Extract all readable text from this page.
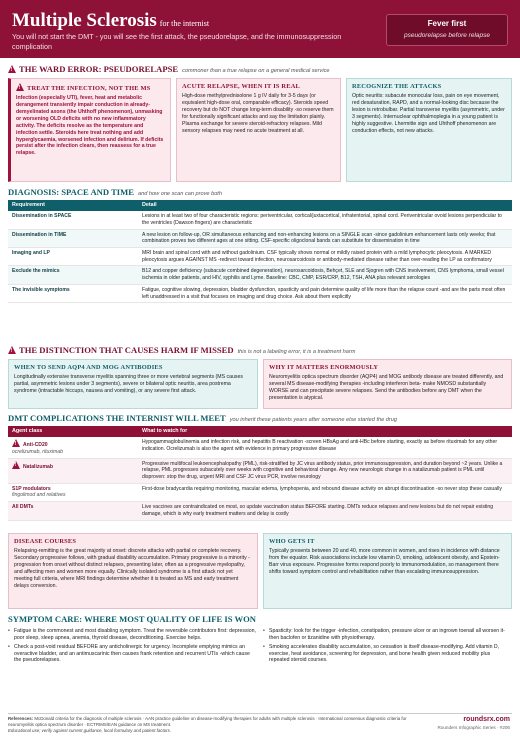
Multiple Sclerosis for the internist
You will not start the DMT - you will see the first attack, the pseudorelapse, and the immunosuppression complication
Fever first
pseudorelapse before relapse
!THE WARD ERROR: PSEUDORELAPSE commoner than a true relapse on a general medical service
!TREAT THE INFECTION, NOT THE MS
Infection (especially UTI), fever, heat and metabolic derangement transiently impair conduction in already-demyelinated axons (the Uhthoff phenomenon), unmasking or worsening OLD deficits with no new inflammatory activity. The deficits resolve as the temperature and infection settle. Steroids here treat nothing and add hyperglycaemia, worsened infection and delirium. If deficits persist after the infection clears, then reassess for a true relapse.
ACUTE RELAPSE, WHEN IT IS REAL
High-dose methylprednisolone 1 g IV daily for 3-5 days (or equivalent high-dose oral, comparable efficacy). Steroids speed recovery but do NOT change long-term disability -so reserve them for functionally significant attacks and say the limitation plainly. Plasma exchange for severe steroid-refractory relapses. Mild sensory relapses may need no acute treatment at all.
RECOGNIZE THE ATTACKS
Optic neuritis: subacute monocular loss, pain on eye movement, red desaturation, RAPD, and a normal-looking disc because the lesion is retrobulbar. Partial transverse myelitis (asymmetric, under 3 segments). Internuclear ophthalmoplegia in a young patient is highly suggestive. Lhermitte sign and Uhthoff phenomenon are conduction effects, not new attacks.
DIAGNOSIS: SPACE AND TIME and how one scan can prove both
Requirement	Detail
Dissemination in SPACE	Lesions in at least two of four characteristic regions: periventricular, cortical/juxtacortical, infratentorial, spinal cord. Periventricular ovoid lesions perpendicular to the ventricles (Dawson fingers) are characteristic
Dissemination in TIME	A new lesion on follow-up, OR simultaneous enhancing and non-enhancing lesions on a SINGLE scan -since gadolinium enhancement lasts only weeks; that combination proves two different ages at one sitting. CSF-specific oligoclonal bands can substitute for dissemination in time
Imaging and LP	MRI brain and spinal cord with and without gadolinium. CSF typically shows normal or mildly raised protein with a mild lymphocytic pleocytosis. A MARKED pleocytosis argues AGAINST MS -redirect toward infection, neurosarcoidosis or antibody-mediated disease rather than over-reading the LP as confirmatory
Exclude the mimics	B12 and copper deficiency (subacute combined degeneration), neurosarcoidosis, Behçet, SLE and Sjogren with CNS involvement, CNS lymphoma, small vessel ischemia in older patients, and HIV, syphilis and Lyme. Baseline: CBC, CMP, ESR/CRP, B12, TSH, ANA plus relevant serologies
The invisible symptoms	Fatigue, cognitive slowing, depression, bladder dysfunction, spasticity and pain determine quality of life more than the relapse count -and are the parts most often left unaddressed in a visit that focuses on imaging and drug choice. Ask about them explicitly
!THE DISTINCTION THAT CAUSES HARM IF MISSED this is not a labeling error, it is a treatment harm
WHEN TO SEND AQP4 AND MOG ANTIBODIES
Longitudinally extensive transverse myelitis spanning three or more vertebral segments (MS causes partial, asymmetric lesions under 3 segments), severe or bilateral optic neuritis, area postrema syndrome (intractable hiccups, nausea and vomiting), or any severe first attack.
WHY IT MATTERS ENORMOUSLY
Neuromyelitis optica spectrum disorder (AQP4) and MOG antibody disease are treated differently, and several MS disease-modifying therapies -including interferon beta- make NMOSD substantially WORSE and can precipitate severe relapses. Send the antibodies before any DMT when the presentation is atypical.
DMT COMPLICATIONS THE INTERNIST WILL MEET you inherit these patients years after someone else started the drug
Agent class	What to watch for
!Anti-CD20
ocrelizumab, rituximab	Hypogammaglobulinemia and infection risk, and hepatitis B reactivation -screen HBsAg and anti-HBc before starting, exactly as before rituximab for any other indication. Ocrelizumab is also the agent with evidence in primary progressive disease
!Natalizumab	Progressive multifocal leukoencephalopathy (PML), risk-stratified by JC virus antibody status, prior immunosuppression, and duration beyond ~2 years. Unlike a relapse, PML progresses subacutely over weeks with cognitive and behavioral change. Any new neurologic change in a natalizumab patient is PML until disproven: stop the drug, urgent MRI and CSF JC virus PCR, involve neurology
S1P modulators
fingolimod and relatives	First-dose bradycardia requiring monitoring, macular edema, lymphopenia, and rebound disease activity on abrupt discontinuation -so never stop these casually
All DMTs	Live vaccines are contraindicated on most, so update vaccination status BEFORE starting. DMTs reduce relapses and new lesions but do not repair existing damage, which is why early treatment matters and delay is costly
DISEASE COURSES
Relapsing-remitting is the great majority at onset: discrete attacks with partial or complete recovery. Secondary progressive follows, with gradual disability accumulation. Primary progressive is a minority -progression from onset without distinct relapses, presenting later, often as a progressive myelopathy, and affecting men and women more equally. Clinically isolated syndrome is a first attack not yet meeting full criteria, where MRI findings determine whether it is treated as MS and early treatment delays conversion.
WHO GETS IT
Typically presents between 20 and 40, more common in women, and rises in incidence with distance from the equator. Risk associations include low vitamin D, smoking, adolescent obesity, and Epstein-Barr virus exposure. Progressive forms respond poorly to immunomodulation, so management there shifts toward symptom control and rehabilitation rather than escalating immunosuppression.
SYMPTOM CARE: WHERE MOST QUALITY OF LIFE IS WON
• Fatigue is the commonest and most disabling symptom. Treat the reversible contributors first: depression, poor sleep, sleep apnea, anemia, thyroid disease, deconditioning. Exercise helps.
• Check a post-void residual BEFORE any anticholinergic for urgency. Incomplete emptying mimics an overactive bladder, and an antimuscarinic then causes frank retention and recurrent UTIs -which cause the pseudorelapses.
• Spasticity: look for the trigger -infection, constipation, pressure ulcer or an ingrown toenail all worsen it- then baclofen or tizanidine with physiotherapy.
• Smoking accelerates disability accumulation, so cessation is itself disease-modifying. Add vitamin D, exercise, heat avoidance, screening for depression, and bone health given reduced mobility plus repeated steroid courses.
References: McDonald criteria for the diagnosis of multiple sclerosis · AAN practice guideline on disease-modifying therapies for adults with multiple sclerosis · International consensus diagnostic criteria for neuromyelitis optica spectrum disorder · ECTRIMS/EAN guidance on MS treatment.
Educational use; verify against current guidance, local formulary and patient factors.
roundsrx.com
Rounders Infographic Series · #206
